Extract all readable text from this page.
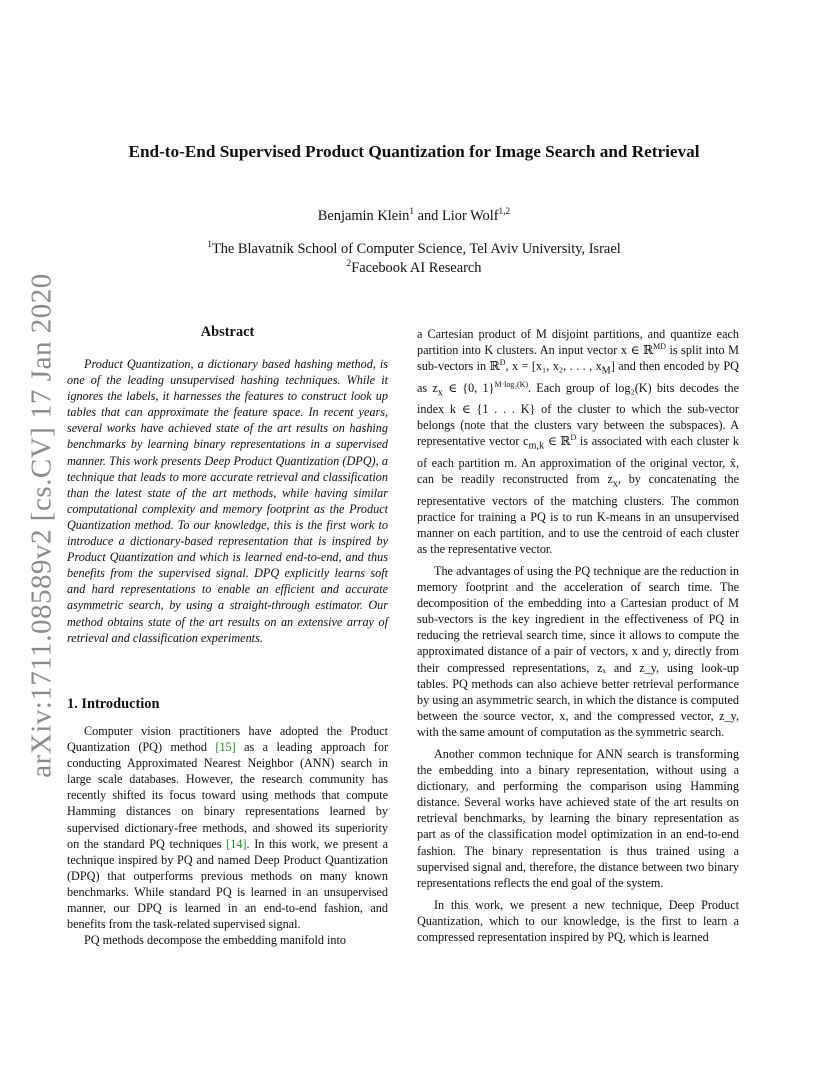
arXiv:1711.08589v2 [cs.CV] 17 Jan 2020
End-to-End Supervised Product Quantization for Image Search and Retrieval
Benjamin Klein$^1$ and Lior Wolf$^{1,2}$
$^1$The Blavatnik School of Computer Science, Tel Aviv University, Israel
$^2$Facebook AI Research
Abstract

Product Quantization, a dictionary based hashing method, is one of the leading unsupervised hashing techniques. While it ignores the labels, it harnesses the features to construct look up tables that can approximate the feature space. In recent years, several works have achieved state of the art results on hashing benchmarks by learning binary representations in a supervised manner. This work presents Deep Product Quantization (DPQ), a technique that leads to more accurate retrieval and classification than the latest state of the art methods, while having similar computational complexity and memory footprint as the Product Quantization method. To our knowledge, this is the first work to introduce a dictionary-based representation that is inspired by Product Quantization and which is learned end-to-end, and thus benefits from the supervised signal. DPQ explicitly learns soft and hard representations to enable an efficient and accurate asymmetric search, by using a straight-through estimator. Our method obtains state of the art results on an extensive array of retrieval and classification experiments.

1. Introduction

Computer vision practitioners have adopted the Product Quantization (PQ) method [15] as a leading approach for conducting Approximated Nearest Neighbor (ANN) search in large scale databases. However, the research community has recently shifted its focus toward using methods that compute Hamming distances on binary representations learned by supervised dictionary-free methods, and showed its superiority on the standard PQ techniques [14]. In this work, we present a technique inspired by PQ and named Deep Product Quantization (DPQ) that outperforms previous methods on many known benchmarks. While standard PQ is learned in an unsupervised manner, our DPQ is learned in an end-to-end fashion, and benefits from the task-related supervised signal.

PQ methods decompose the embedding manifold into

a Cartesian product of M disjoint partitions, and quantize each partition into K clusters. An input vector x ∈ ℝ$^{MD}$ is split into M sub-vectors in ℝ$^D$, x = [x₁, x₂, . . . , $x_M$] and then encoded by PQ as $z_x$ ∈ {0, 1}$^{M\cdot log_2(K)}$. Each group of log₂(K) bits decodes the index k ∈ {1 . . . K} of the cluster to which the sub-vector belongs (note that the clusters vary between the subspaces). A representative vector $c_{m,k}$ ∈ ℝ$^D$ is associated with each cluster k of each partition m. An approximation of the original vector, x̃, can be readily reconstructed from $z_x$, by concatenating the representative vectors of the matching clusters. The common practice for training a PQ is to run K-means in an unsupervised manner on each partition, and to use the centroid of each cluster as the representative vector.

The advantages of using the PQ technique are the reduction in memory footprint and the acceleration of search time. The decomposition of the embedding into a Cartesian product of M sub-vectors is the key ingredient in the effectiveness of PQ in reducing the retrieval search time, since it allows to compute the approximated distance of a pair of vectors, x and y, directly from their compressed representations, zₓ and z_y, using look-up tables. PQ methods can also achieve better retrieval performance by using an asymmetric search, in which the distance is computed between the source vector, x, and the compressed vector, z_y, with the same amount of computation as the symmetric search.

Another common technique for ANN search is transforming the embedding into a binary representation, without using a dictionary, and performing the comparison using Hamming distance. Several works have achieved state of the art results on retrieval benchmarks, by learning the binary representation as part as of the classification model optimization in an end-to-end fashion. The binary representation is thus trained using a supervised signal and, therefore, the distance between two binary representations reflects the end goal of the system.

In this work, we present a new technique, Deep Product Quantization, which to our knowledge, is the first to learn a compressed representation inspired by PQ, which is learned
